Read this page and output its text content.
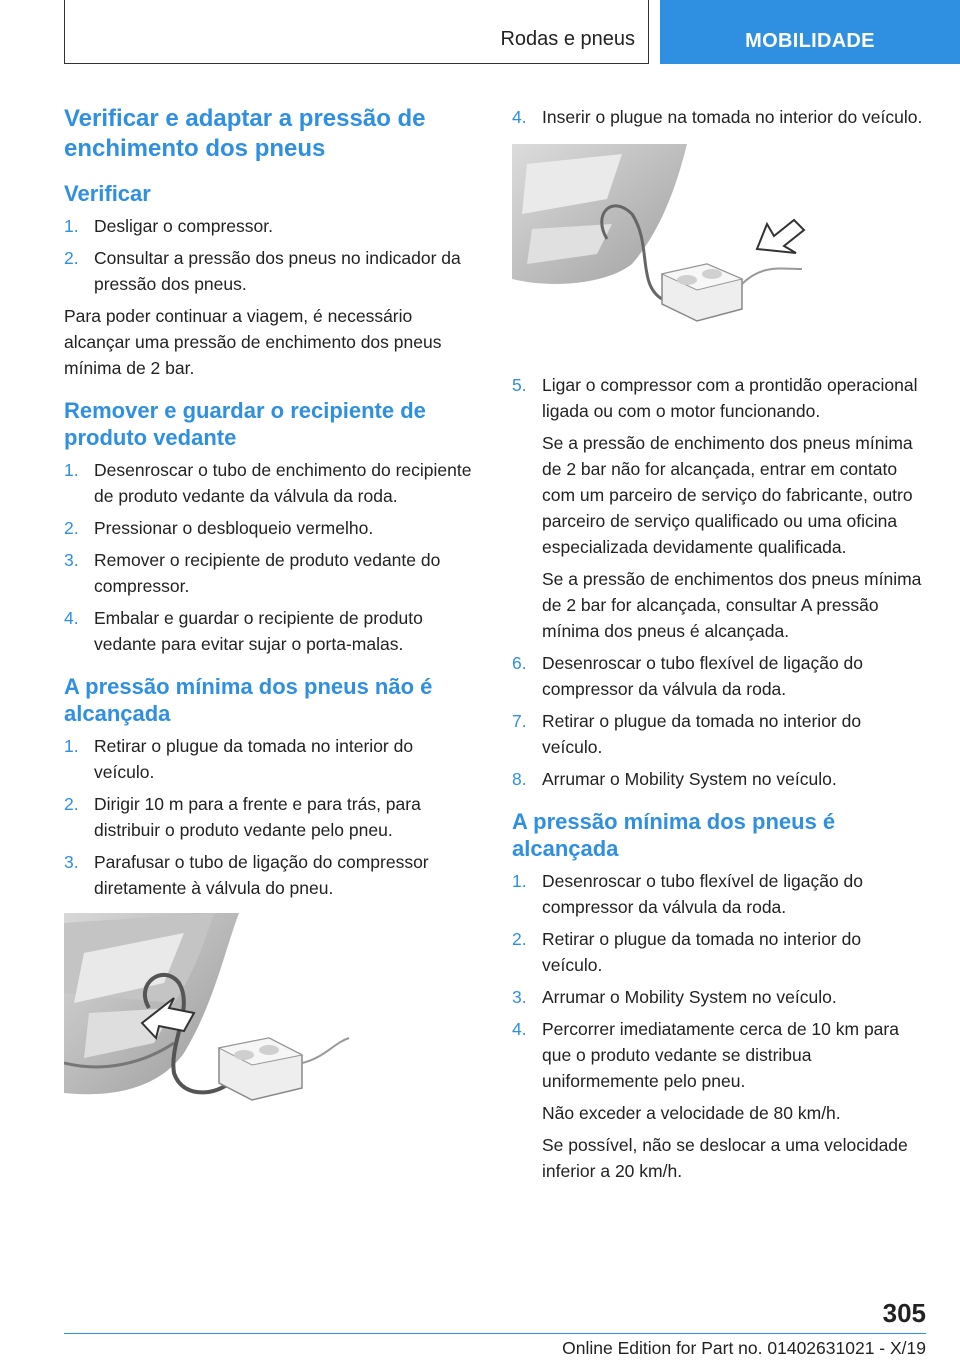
Rodas e pneus	MOBILIDADE
Verificar e adaptar a pressão de enchimento dos pneus
Verificar
1. Desligar o compressor.
2. Consultar a pressão dos pneus no indicador da pressão dos pneus.

Para poder continuar a viagem, é necessário alcançar uma pressão de enchimento dos pneus mínima de 2 bar.

Remover e guardar o recipiente de produto vedante
1. Desenroscar o tubo de enchimento do recipiente de produto vedante da válvula da roda.
2. Pressionar o desbloqueio vermelho.
3. Remover o recipiente de produto vedante do compressor.
4. Embalar e guardar o recipiente de produto vedante para evitar sujar o porta-malas.
A pressão mínima dos pneus não é alcançada
1. Retirar o plugue da tomada no interior do veículo.
2. Dirigir 10 m para a frente e para trás, para distribuir o produto vedante pelo pneu.
3. Parafusar o tubo de ligação do compressor diretamente à válvula do pneu.
4. Inserir o plugue na tomada no interior do veículo.
5. Ligar o compressor com a prontidão operacional ligada ou com o motor funcionando.
Se a pressão de enchimento dos pneus mínima de 2 bar não for alcançada, entrar em contato com um parceiro de serviço do fabricante, outro parceiro de serviço qualificado ou uma oficina especializada devidamente qualificada.
Se a pressão de enchimentos dos pneus mínima de 2 bar for alcançada, consultar A pressão mínima dos pneus é alcançada.
6. Desenroscar o tubo flexível de ligação do compressor da válvula da roda.
7. Retirar o plugue da tomada no interior do veículo.
8. Arrumar o Mobility System no veículo.
A pressão mínima dos pneus é alcançada
1. Desenroscar o tubo flexível de ligação do compressor da válvula da roda.
2. Retirar o plugue da tomada no interior do veículo.
3. Arrumar o Mobility System no veículo.
4. Percorrer imediatamente cerca de 10 km para que o produto vedante se distribua uniformemente pelo pneu.
Não exceder a velocidade de 80 km/h.
Se possível, não se deslocar a uma velocidade inferior a 20 km/h.
305
Online Edition for Part no. 01402631021 - X/19
